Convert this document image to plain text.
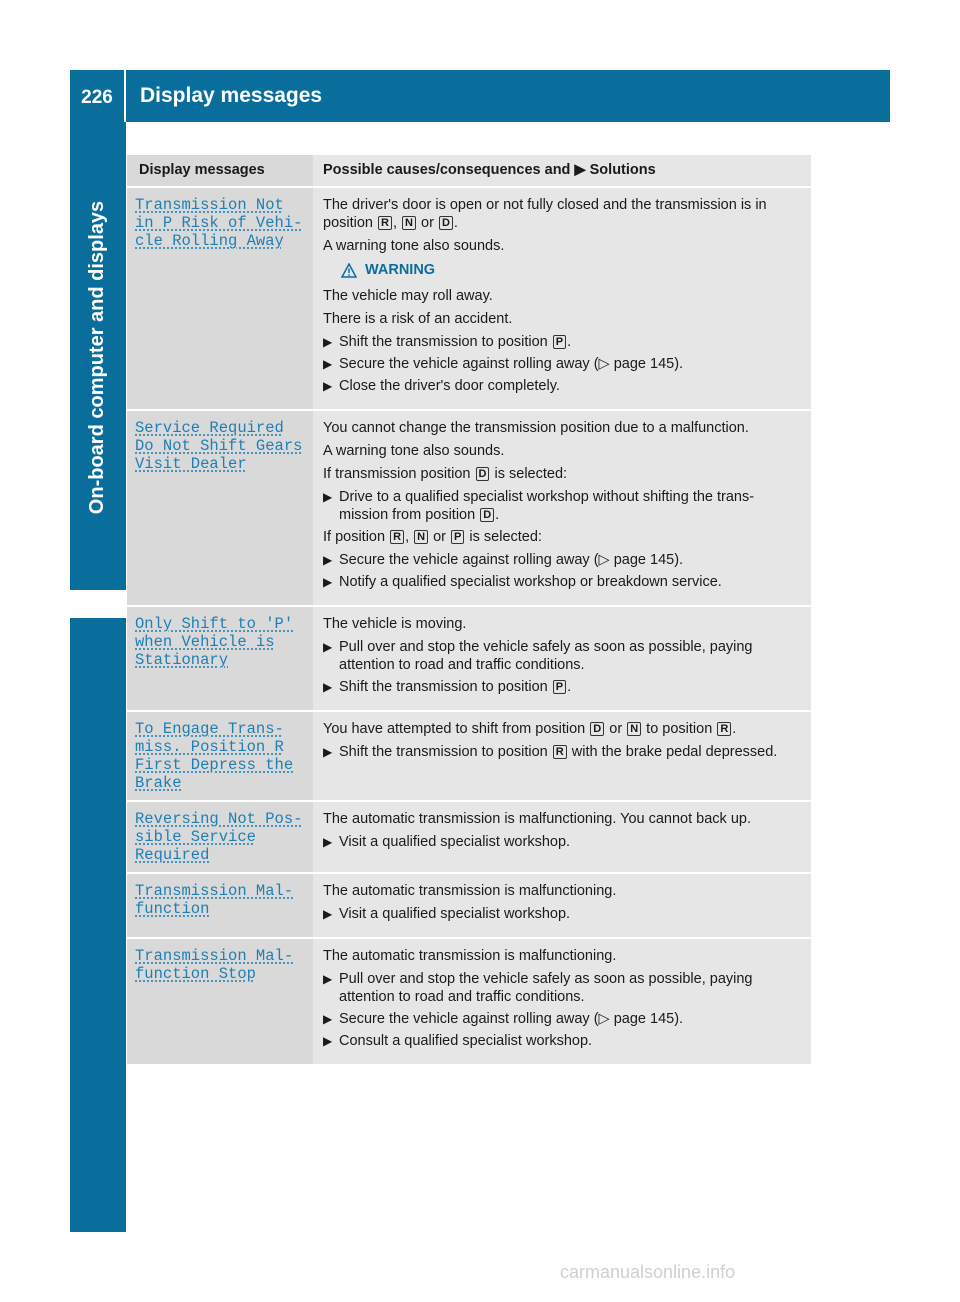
226	Display messages
On-board computer and displays
Display messages	Possible causes/consequences and ▶ Solutions
Transmission Not
in P Risk of Vehi‐
cle Rolling Away

The driver's door is open or not fully closed and the transmission is in position R , N or D .

A warning tone also sounds.

WARNING

The vehicle may roll away.

There is a risk of an accident.

▶ Shift the transmission to position P .
▶ Secure the vehicle against rolling away (▷ page 145).
▶ Close the driver's door completely.
Service Required
Do Not Shift Gears
Visit Dealer

You cannot change the transmission position due to a malfunction.

A warning tone also sounds.

If transmission position D is selected:

▶ Drive to a qualified specialist workshop without shifting the trans‐ mission from position D .

If position R , N or P is selected:

▶ Secure the vehicle against rolling away (▷ page 145).
▶ Notify a qualified specialist workshop or breakdown service.
Only Shift to 'P'
when Vehicle is
Stationary

The vehicle is moving.

▶ Pull over and stop the vehicle safely as soon as possible, paying attention to road and traffic conditions.
▶ Shift the transmission to position P .
To Engage Trans‐
miss. Position R
First Depress the
Brake

You have attempted to shift from position D or N to position R .

▶ Shift the transmission to position R with the brake pedal depressed.
Reversing Not Pos‐
sible Service
Required

The automatic transmission is malfunctioning. You cannot back up.

▶ Visit a qualified specialist workshop.
Transmission Mal‐
function

The automatic transmission is malfunctioning.

▶ Visit a qualified specialist workshop.
Transmission Mal‐
function Stop

The automatic transmission is malfunctioning.

▶ Pull over and stop the vehicle safely as soon as possible, paying attention to road and traffic conditions.
▶ Secure the vehicle against rolling away (▷ page 145).
▶ Consult a qualified specialist workshop.
carmanualsonline.info
